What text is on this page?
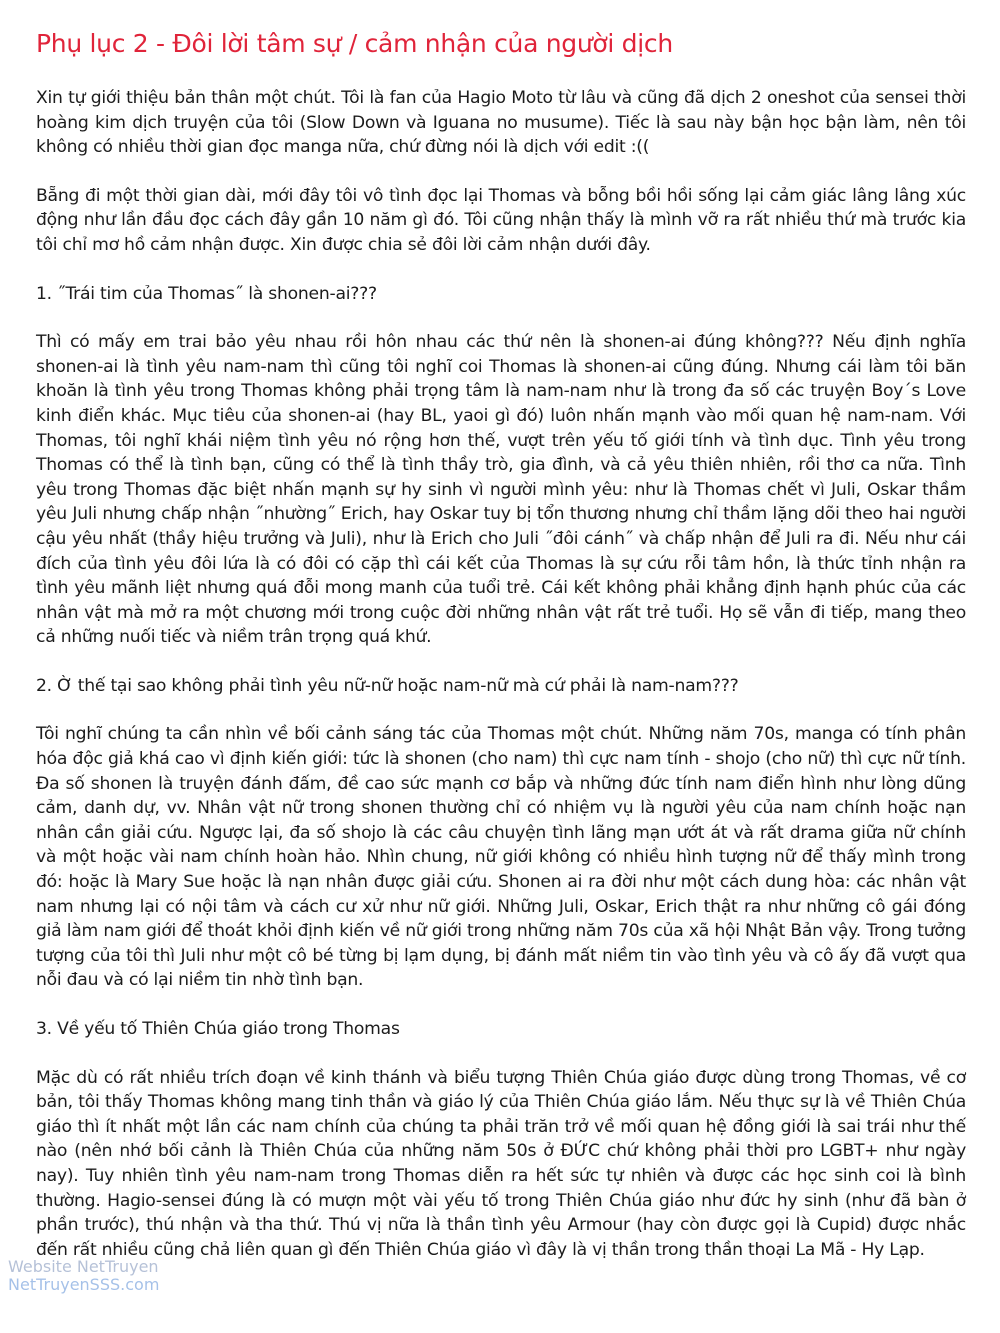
Phụ lục 2 - Đôi lời tâm sự / cảm nhận của người dịch

Xin tự giới thiệu bản thân một chút. Tôi là fan của Hagio Moto từ lâu và cũng đã dịch 2 oneshot của sensei thời hoàng kim dịch truyện của tôi (Slow Down và Iguana no musume). Tiếc là sau này bận học bận làm, nên tôi không có nhiều thời gian đọc manga nữa, chứ đừng nói là dịch với edit :((

Bẵng đi một thời gian dài, mới đây tôi vô tình đọc lại Thomas và bỗng bồi hồi sống lại cảm giác lâng lâng xúc động như lần đầu đọc cách đây gần 10 năm gì đó. Tôi cũng nhận thấy là mình vỡ ra rất nhiều thứ mà trước kia tôi chỉ mơ hồ cảm nhận được. Xin được chia sẻ đôi lời cảm nhận dưới đây.

1. ˝Trái tim của Thomas˝ là shonen-ai???

Thì có mấy em trai bảo yêu nhau rồi hôn nhau các thứ nên là shonen-ai đúng không??? Nếu định nghĩa shonen-ai là tình yêu nam-nam thì cũng tôi nghĩ coi Thomas là shonen-ai cũng đúng. Nhưng cái làm tôi băn khoăn là tình yêu trong Thomas không phải trọng tâm là nam-nam như là trong đa số các truyện Boy´s Love kinh điển khác. Mục tiêu của shonen-ai (hay BL, yaoi gì đó) luôn nhấn mạnh vào mối quan hệ nam-nam. Với Thomas, tôi nghĩ khái niệm tình yêu nó rộng hơn thế, vượt trên yếu tố giới tính và tình dục. Tình yêu trong Thomas có thể là tình bạn, cũng có thể là tình thầy trò, gia đình, và cả yêu thiên nhiên, rồi thơ ca nữa. Tình yêu trong Thomas đặc biệt nhấn mạnh sự hy sinh vì người mình yêu: như là Thomas chết vì Juli, Oskar thầm yêu Juli nhưng chấp nhận ˝nhường˝ Erich, hay Oskar tuy bị tổn thương nhưng chỉ thầm lặng dõi theo hai người cậu yêu nhất (thầy hiệu trưởng và Juli), như là Erich cho Juli ˝đôi cánh˝ và chấp nhận để Juli ra đi. Nếu như cái đích của tình yêu đôi lứa là có đôi có cặp thì cái kết của Thomas là sự cứu rỗi tâm hồn, là thức tỉnh nhận ra tình yêu mãnh liệt nhưng quá đỗi mong manh của tuổi trẻ. Cái kết không phải khẳng định hạnh phúc của các nhân vật mà mở ra một chương mới trong cuộc đời những nhân vật rất trẻ tuổi. Họ sẽ vẫn đi tiếp, mang theo cả những nuối tiếc và niềm trân trọng quá khứ.

2. Ờ thế tại sao không phải tình yêu nữ-nữ hoặc nam-nữ mà cứ phải là nam-nam???

Tôi nghĩ chúng ta cần nhìn về bối cảnh sáng tác của Thomas một chút. Những năm 70s, manga có tính phân hóa độc giả khá cao vì định kiến giới: tức là shonen (cho nam) thì cực nam tính - shojo (cho nữ) thì cực nữ tính. Đa số shonen là truyện đánh đấm, đề cao sức mạnh cơ bắp và những đức tính nam điển hình như lòng dũng cảm, danh dự, vv. Nhân vật nữ trong shonen thường chỉ có nhiệm vụ là người yêu của nam chính hoặc nạn nhân cần giải cứu. Ngược lại, đa số shojo là các câu chuyện tình lãng mạn ướt át và rất drama giữa nữ chính và một hoặc vài nam chính hoàn hảo. Nhìn chung, nữ giới không có nhiều hình tượng nữ để thấy mình trong đó: hoặc là Mary Sue hoặc là nạn nhân được giải cứu. Shonen ai ra đời như một cách dung hòa: các nhân vật nam nhưng lại có nội tâm và cách cư xử như nữ giới. Những Juli, Oskar, Erich thật ra như những cô gái đóng giả làm nam giới để thoát khỏi định kiến về nữ giới trong những năm 70s của xã hội Nhật Bản vậy. Trong tưởng tượng của tôi thì Juli như một cô bé từng bị lạm dụng, bị đánh mất niềm tin vào tình yêu và cô ấy đã vượt qua nỗi đau và có lại niềm tin nhờ tình bạn.

3. Về yếu tố Thiên Chúa giáo trong Thomas

Mặc dù có rất nhiều trích đoạn về kinh thánh và biểu tượng Thiên Chúa giáo được dùng trong Thomas, về cơ bản, tôi thấy Thomas không mang tinh thần và giáo lý của Thiên Chúa giáo lắm. Nếu thực sự là về Thiên Chúa giáo thì ít nhất một lần các nam chính của chúng ta phải trăn trở về mối quan hệ đồng giới là sai trái như thế nào (nên nhớ bối cảnh là Thiên Chúa của những năm 50s ở ĐỨC chứ không phải thời pro LGBT+ như ngày nay). Tuy nhiên tình yêu nam-nam trong Thomas diễn ra hết sức tự nhiên và được các học sinh coi là bình thường. Hagio-sensei đúng là có mượn một vài yếu tố trong Thiên Chúa giáo như đức hy sinh (như đã bàn ở phần trước), thú nhận và tha thứ. Thú vị nữa là thần tình yêu Armour (hay còn được gọi là Cupid) được nhắc đến rất nhiều cũng chả liên quan gì đến Thiên Chúa giáo vì đây là vị thần trong thần thoại La Mã - Hy Lạp.

Website NetTruyen
NetTruyenSSS.com
